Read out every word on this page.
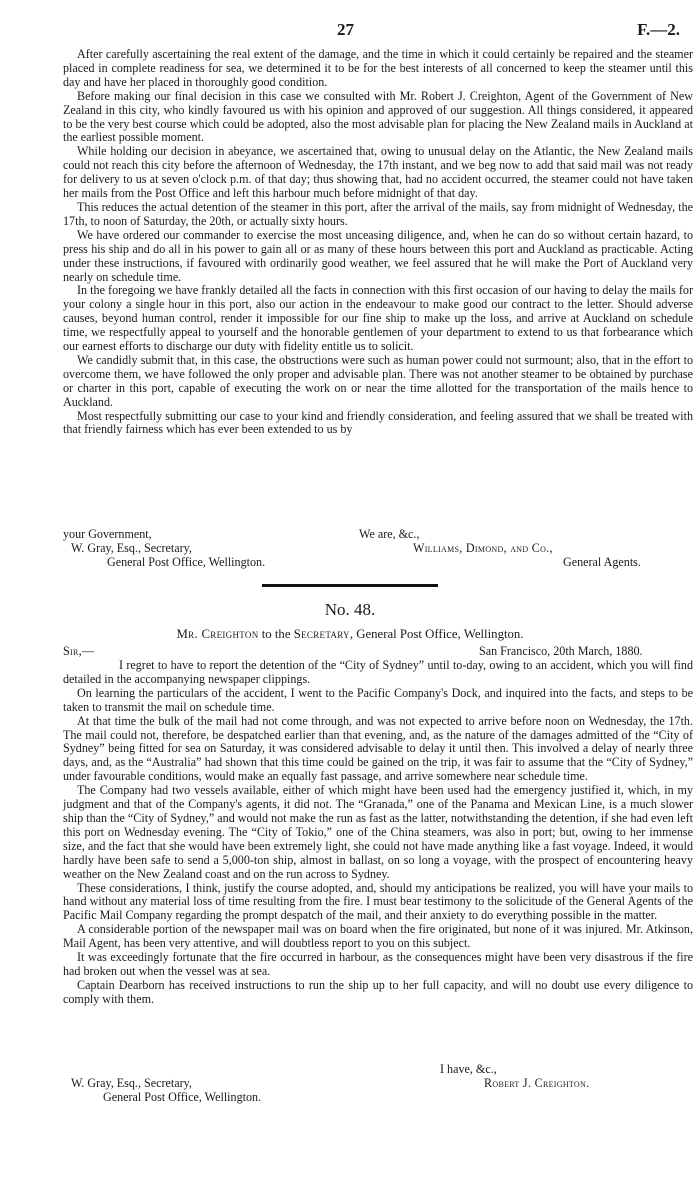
27	F.—2.

After carefully ascertaining the real extent of the damage, and the time in which it could certainly be repaired and the steamer placed in complete readiness for sea, we determined it to be for the best interests of all concerned to keep the steamer until this day and have her placed in thoroughly good condition.

Before making our final decision in this case we consulted with Mr. Robert J. Creighton, Agent of the Government of New Zealand in this city, who kindly favoured us with his opinion and approved of our suggestion. All things considered, it appeared to be the very best course which could be adopted, also the most advisable plan for placing the New Zealand mails in Auckland at the earliest possible moment.

While holding our decision in abeyance, we ascertained that, owing to unusual delay on the Atlantic, the New Zealand mails could not reach this city before the afternoon of Wednesday, the 17th instant, and we beg now to add that said mail was not ready for delivery to us at seven o'clock p.m. of that day; thus showing that, had no accident occurred, the steamer could not have taken her mails from the Post Office and left this harbour much before midnight of that day.

This reduces the actual detention of the steamer in this port, after the arrival of the mails, say from midnight of Wednesday, the 17th, to noon of Saturday, the 20th, or actually sixty hours.

We have ordered our commander to exercise the most unceasing diligence, and, when he can do so without certain hazard, to press his ship and do all in his power to gain all or as many of these hours between this port and Auckland as practicable. Acting under these instructions, if favoured with ordinarily good weather, we feel assured that he will make the Port of Auckland very nearly on schedule time.

In the foregoing we have frankly detailed all the facts in connection with this first occasion of our having to delay the mails for your colony a single hour in this port, also our action in the endeavour to make good our contract to the letter. Should adverse causes, beyond human control, render it impossible for our fine ship to make up the loss, and arrive at Auckland on schedule time, we respectfully appeal to yourself and the honorable gentlemen of your department to extend to us that forbearance which our earnest efforts to discharge our duty with fidelity entitle us to solicit.

We candidly submit that, in this case, the obstructions were such as human power could not surmount; also, that in the effort to overcome them, we have followed the only proper and advisable plan. There was not another steamer to be obtained by purchase or charter in this port, capable of executing the work on or near the time allotted for the transportation of the mails hence to Auckland.

Most respectfully submitting our case to your kind and friendly consideration, and feeling assured that we shall be treated with that friendly fairness which has ever been extended to us by

your Government,	We are, &c.,
W. Gray, Esq., Secretary,	Williams, Dimond, and Co.,
General Post Office, Wellington.	General Agents.
No. 48.
Mr. Creighton to the Secretary, General Post Office, Wellington.
Sir,—	San Francisco, 20th March, 1880.

I regret to have to report the detention of the “City of Sydney” until to-day, owing to an accident, which you will find detailed in the accompanying newspaper clippings.

On learning the particulars of the accident, I went to the Pacific Company's Dock, and inquired into the facts, and steps to be taken to transmit the mail on schedule time.

At that time the bulk of the mail had not come through, and was not expected to arrive before noon on Wednesday, the 17th. The mail could not, therefore, be despatched earlier than that evening, and, as the nature of the damages admitted of the “City of Sydney” being fitted for sea on Saturday, it was considered advisable to delay it until then. This involved a delay of nearly three days, and, as the “Australia” had shown that this time could be gained on the trip, it was fair to assume that the “City of Sydney,” under favourable conditions, would make an equally fast passage, and arrive somewhere near schedule time.

The Company had two vessels available, either of which might have been used had the emergency justified it, which, in my judgment and that of the Company's agents, it did not. The “Granada,” one of the Panama and Mexican Line, is a much slower ship than the “City of Sydney,” and would not make the run as fast as the latter, notwithstanding the detention, if she had even left this port on Wednesday evening. The “City of Tokio,” one of the China steamers, was also in port; but, owing to her immense size, and the fact that she would have been extremely light, she could not have made anything like a fast voyage. Indeed, it would hardly have been safe to send a 5,000-ton ship, almost in ballast, on so long a voyage, with the prospect of encountering heavy weather on the New Zealand coast and on the run across to Sydney.

These considerations, I think, justify the course adopted, and, should my anticipations be realized, you will have your mails to hand without any material loss of time resulting from the fire. I must bear testimony to the solicitude of the General Agents of the Pacific Mail Company regarding the prompt despatch of the mail, and their anxiety to do everything possible in the matter.

A considerable portion of the newspaper mail was on board when the fire originated, but none of it was injured. Mr. Atkinson, Mail Agent, has been very attentive, and will doubtless report to you on this subject.

It was exceedingly fortunate that the fire occurred in harbour, as the consequences might have been very disastrous if the fire had broken out when the vessel was at sea.

Captain Dearborn has received instructions to run the ship up to her full capacity, and will no doubt use every diligence to comply with them.

I have, &c.,
W. Gray, Esq., Secretary,	Robert J. Creighton.
General Post Office, Wellington.
